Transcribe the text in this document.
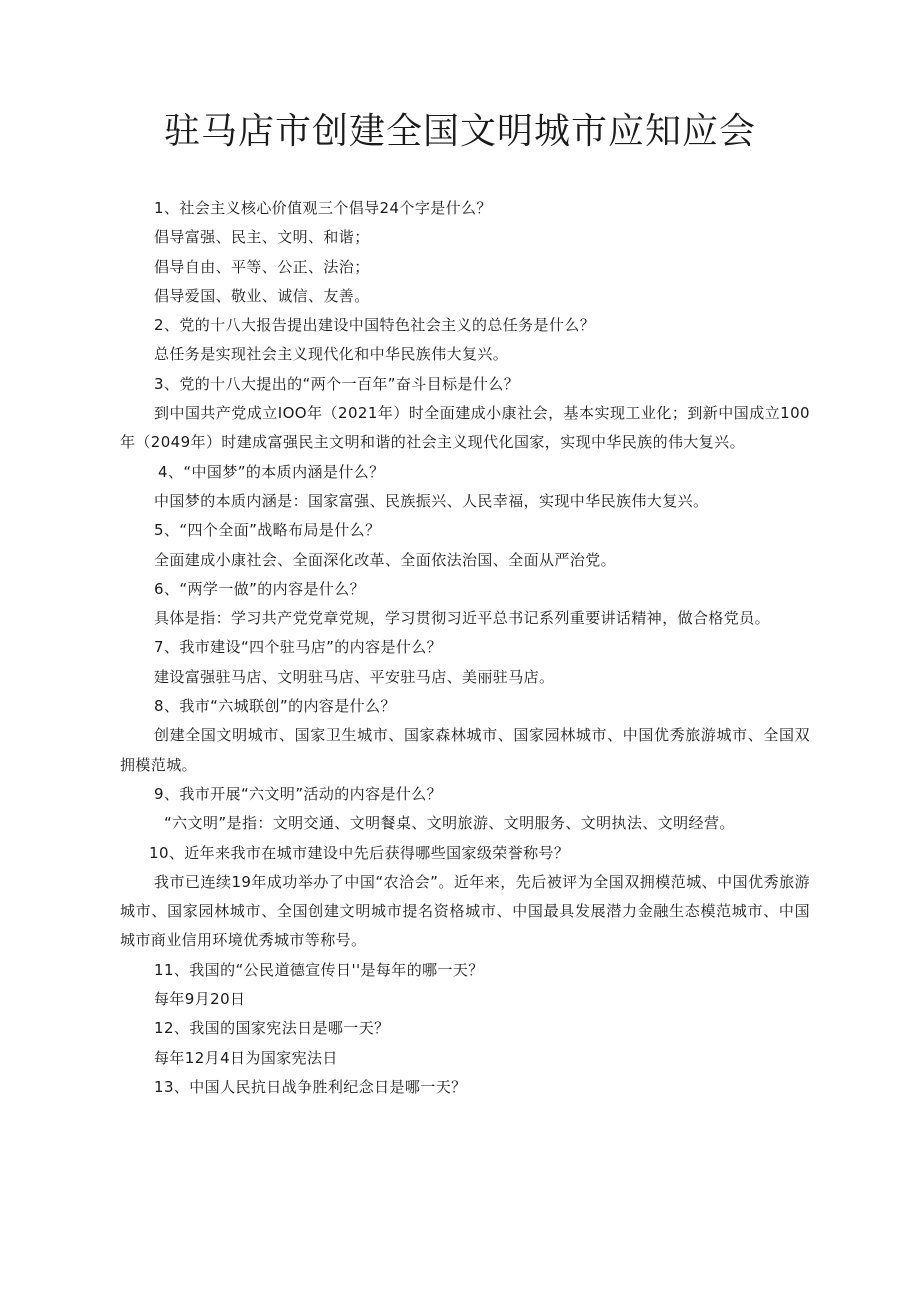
驻马店市创建全国文明城市应知应会

1、社会主义核心价值观三个倡导24个字是什么？

倡导富强、民主、文明、和谐；

倡导自由、平等、公正、法治；

倡导爱国、敬业、诚信、友善。

2、党的十八大报告提出建设中国特色社会主义的总任务是什么？

总任务是实现社会主义现代化和中华民族伟大复兴。

3、党的十八大提出的“两个一百年”奋斗目标是什么？

到中国共产党成立IOO年（2021年）时全面建成小康社会，基本实现工业化；到新中国成立100年（2049年）时建成富强民主文明和谐的社会主义现代化国家，实现中华民族的伟大复兴。

4、“中国梦”的本质内涵是什么？

中国梦的本质内涵是：国家富强、民族振兴、人民幸福，实现中华民族伟大复兴。

5、“四个全面”战略布局是什么？

全面建成小康社会、全面深化改革、全面依法治国、全面从严治党。

6、“两学一做”的内容是什么？

具体是指：学习共产党党章党规，学习贯彻习近平总书记系列重要讲话精神，做合格党员。

7、我市建设“四个驻马店”的内容是什么？

建设富强驻马店、文明驻马店、平安驻马店、美丽驻马店。

8、我市“六城联创”的内容是什么？

创建全国文明城市、国家卫生城市、国家森林城市、国家园林城市、中国优秀旅游城市、全国双拥模范城。

9、我市开展“六文明”活动的内容是什么？

“六文明”是指：文明交通、文明餐桌、文明旅游、文明服务、文明执法、文明经营。

10、近年来我市在城市建设中先后获得哪些国家级荣誉称号？

我市已连续19年成功举办了中国“农洽会”。近年来，先后被评为全国双拥模范城、中国优秀旅游城市、国家园林城市、全国创建文明城市提名资格城市、中国最具发展潜力金融生态模范城市、中国城市商业信用环境优秀城市等称号。

11、我国的“公民道德宣传日''是每年的哪一天？

每年9月20日

12、我国的国家宪法日是哪一天？

每年12月4日为国家宪法日

13、中国人民抗日战争胜利纪念日是哪一天？
